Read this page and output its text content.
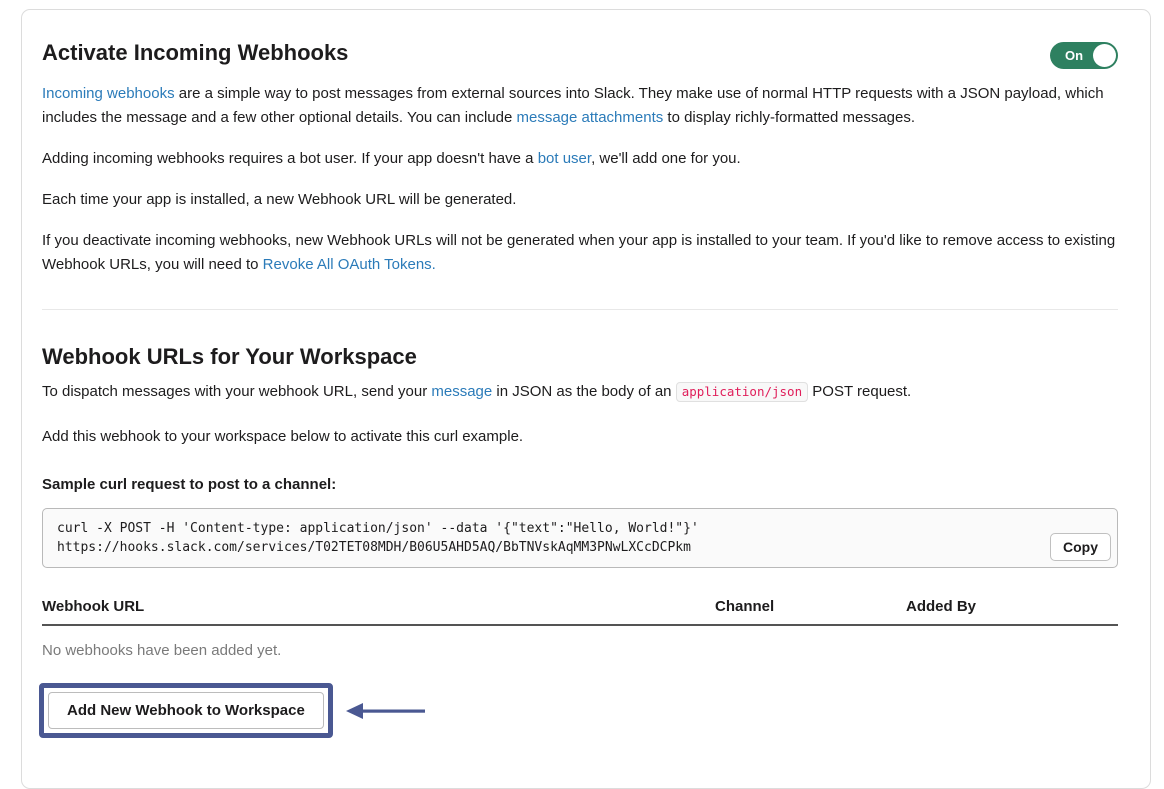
Activate Incoming Webhooks	On

Incoming webhooks are a simple way to post messages from external sources into Slack. They make use of normal HTTP requests with a JSON payload, which includes the message and a few other optional details. You can include message attachments to display richly-formatted messages.

Adding incoming webhooks requires a bot user. If your app doesn't have a bot user, we'll add one for you.

Each time your app is installed, a new Webhook URL will be generated.

If you deactivate incoming webhooks, new Webhook URLs will not be generated when your app is installed to your team. If you'd like to remove access to existing Webhook URLs, you will need to Revoke All OAuth Tokens.

Webhook URLs for Your Workspace

To dispatch messages with your webhook URL, send your message in JSON as the body of an application/json POST request.

Add this webhook to your workspace below to activate this curl example.

Sample curl request to post to a channel:

curl -X POST -H 'Content-type: application/json' --data '{"text":"Hello, World!"}'
https://hooks.slack.com/services/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	Copy
Webhook URL	Channel	Added By

No webhooks have been added yet.

Add New Webhook to Workspace
